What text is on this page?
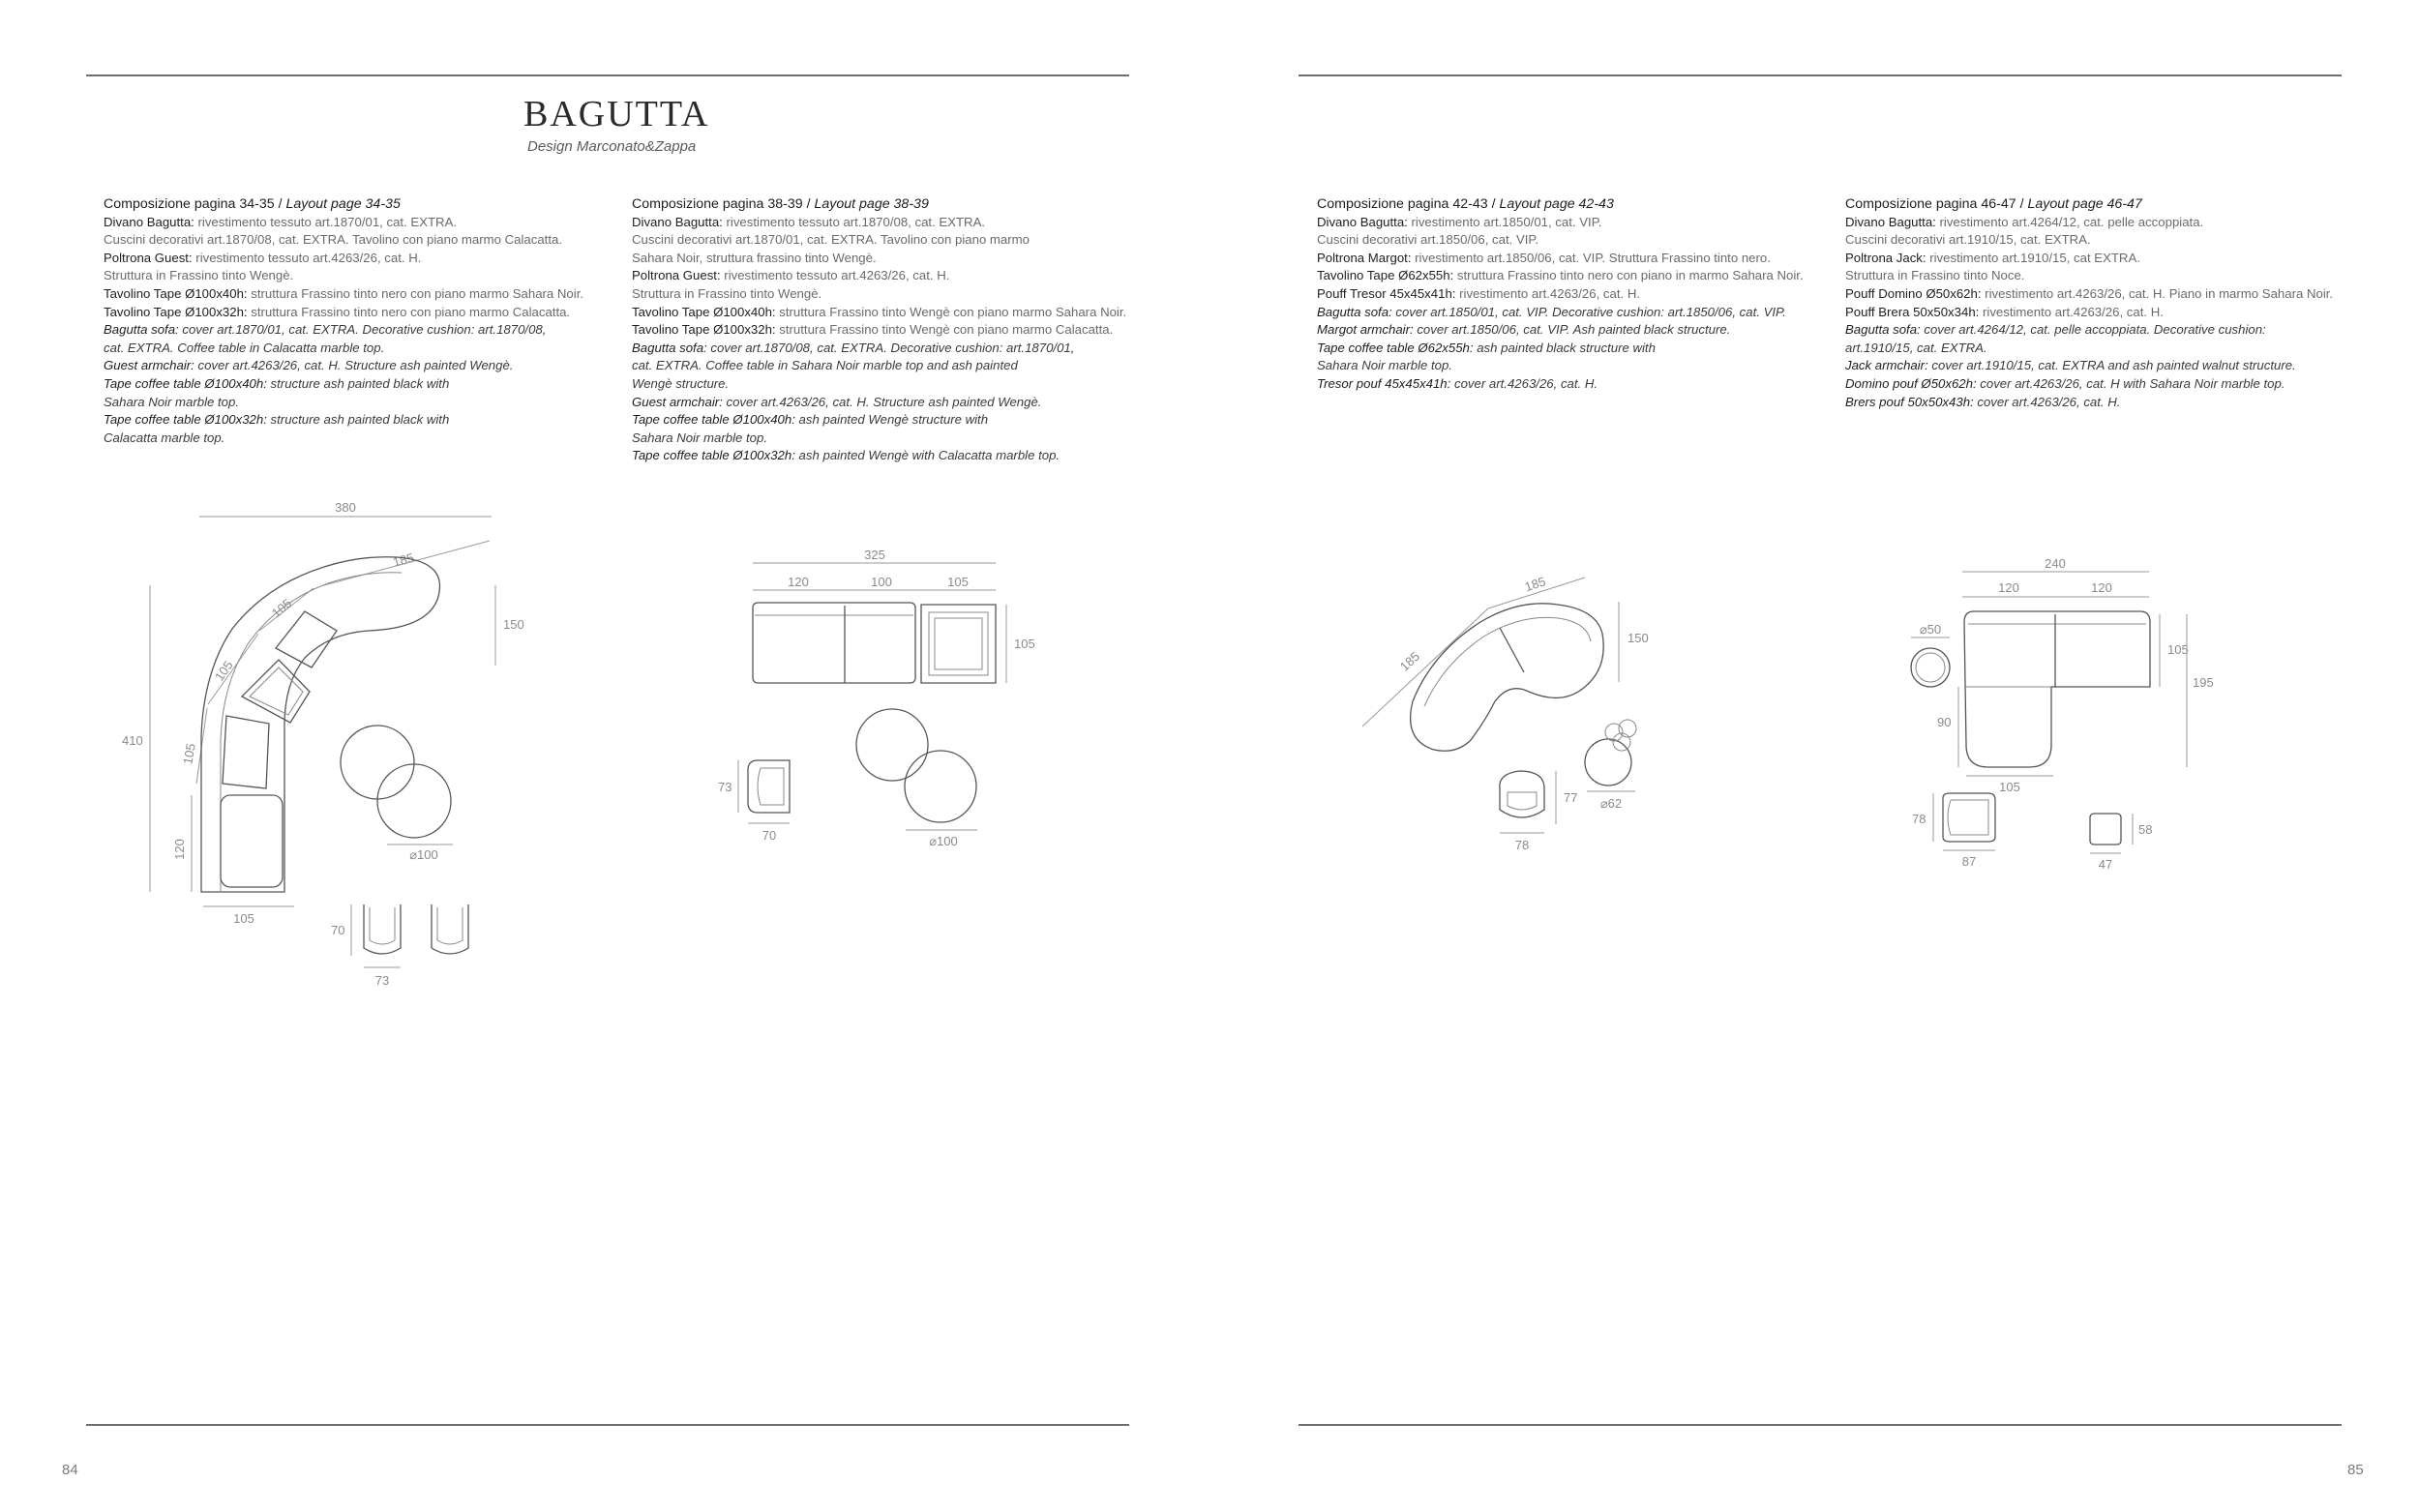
BAGUTTA
Design Marconato&Zappa
Composizione pagina 34-35 / Layout page 34-35
Divano Bagutta: rivestimento tessuto art.1870/01, cat. EXTRA.
Cuscini decorativi art.1870/08, cat. EXTRA. Tavolino con piano marmo Calacatta.
Poltrona Guest: rivestimento tessuto art.4263/26, cat. H.
Struttura in Frassino tinto Wengè.
Tavolino Tape Ø100x40h: struttura Frassino tinto nero con piano marmo Sahara Noir.
Tavolino Tape Ø100x32h: struttura Frassino tinto nero con piano marmo Calacatta.
Bagutta sofa: cover art.1870/01, cat. EXTRA. Decorative cushion: art.1870/08,
cat. EXTRA. Coffee table in Calacatta marble top.
Guest armchair: cover art.4263/26, cat. H. Structure ash painted Wengè.
Tape coffee table Ø100x40h: structure ash painted black with
Sahara Noir marble top.
Tape coffee table Ø100x32h: structure ash painted black with
Calacatta marble top.
Composizione pagina 38-39 / Layout page 38-39
Divano Bagutta: rivestimento tessuto art.1870/08, cat. EXTRA.
Cuscini decorativi art.1870/01, cat. EXTRA. Tavolino con piano marmo
Sahara Noir, struttura frassino tinto Wengè.
Poltrona Guest: rivestimento tessuto art.4263/26, cat. H.
Struttura in Frassino tinto Wengè.
Tavolino Tape Ø100x40h: struttura Frassino tinto Wengè con piano marmo Sahara Noir.
Tavolino Tape Ø100x32h: struttura Frassino tinto Wengè con piano marmo Calacatta.
Bagutta sofa: cover art.1870/08, cat. EXTRA. Decorative cushion: art.1870/01,
cat. EXTRA. Coffee table in Sahara Noir marble top and ash painted
Wengè structure.
Guest armchair: cover art.4263/26, cat. H. Structure ash painted Wengè.
Tape coffee table Ø100x40h: ash painted Wengè structure with
Sahara Noir marble top.
Tape coffee table Ø100x32h: ash painted Wengè with Calacatta marble top.
Composizione pagina 42-43 / Layout page 42-43
Divano Bagutta: rivestimento art.1850/01, cat. VIP.
Cuscini decorativi art.1850/06, cat. VIP.
Poltrona Margot: rivestimento art.1850/06, cat. VIP. Struttura Frassino tinto nero.
Tavolino Tape Ø62x55h: struttura Frassino tinto nero con piano in marmo Sahara Noir.
Pouff Tresor 45x45x41h: rivestimento art.4263/26, cat. H.
Bagutta sofa: cover art.1850/01, cat. VIP. Decorative cushion: art.1850/06, cat. VIP.
Margot armchair: cover art.1850/06, cat. VIP. Ash painted black structure.
Tape coffee table Ø62x55h: ash painted black structure with
Sahara Noir marble top.
Tresor pouf 45x45x41h: cover art.4263/26, cat. H.
Composizione pagina 46-47 / Layout page 46-47
Divano Bagutta: rivestimento art.4264/12, cat. pelle accoppiata.
Cuscini decorativi art.1910/15, cat. EXTRA.
Poltrona Jack: rivestimento art.1910/15, cat EXTRA.
Struttura in Frassino tinto Noce.
Pouff Domino Ø50x62h: rivestimento art.4263/26, cat. H. Piano in marmo Sahara Noir.
Pouff Brera 50x50x34h: rivestimento art.4263/26, cat. H.
Bagutta sofa: cover art.4264/12, cat. pelle accoppiata. Decorative cushion:
art.1910/15, cat. EXTRA.
Jack armchair: cover art.1910/15, cat. EXTRA and ash painted walnut structure.
Domino pouf Ø50x62h: cover art.4263/26, cat. H with Sahara Noir marble top.
Brers pouf 50x50x43h: cover art.4263/26, cat. H.
380
185
150
105
105
105
410
120
105
⌀100
70
73
325
120	100	105
105
⌀100
73
70
185
185
150
⌀62
77
78
240
120	120
105
195
90
105
⌀50
78
87
58
47
84	85
